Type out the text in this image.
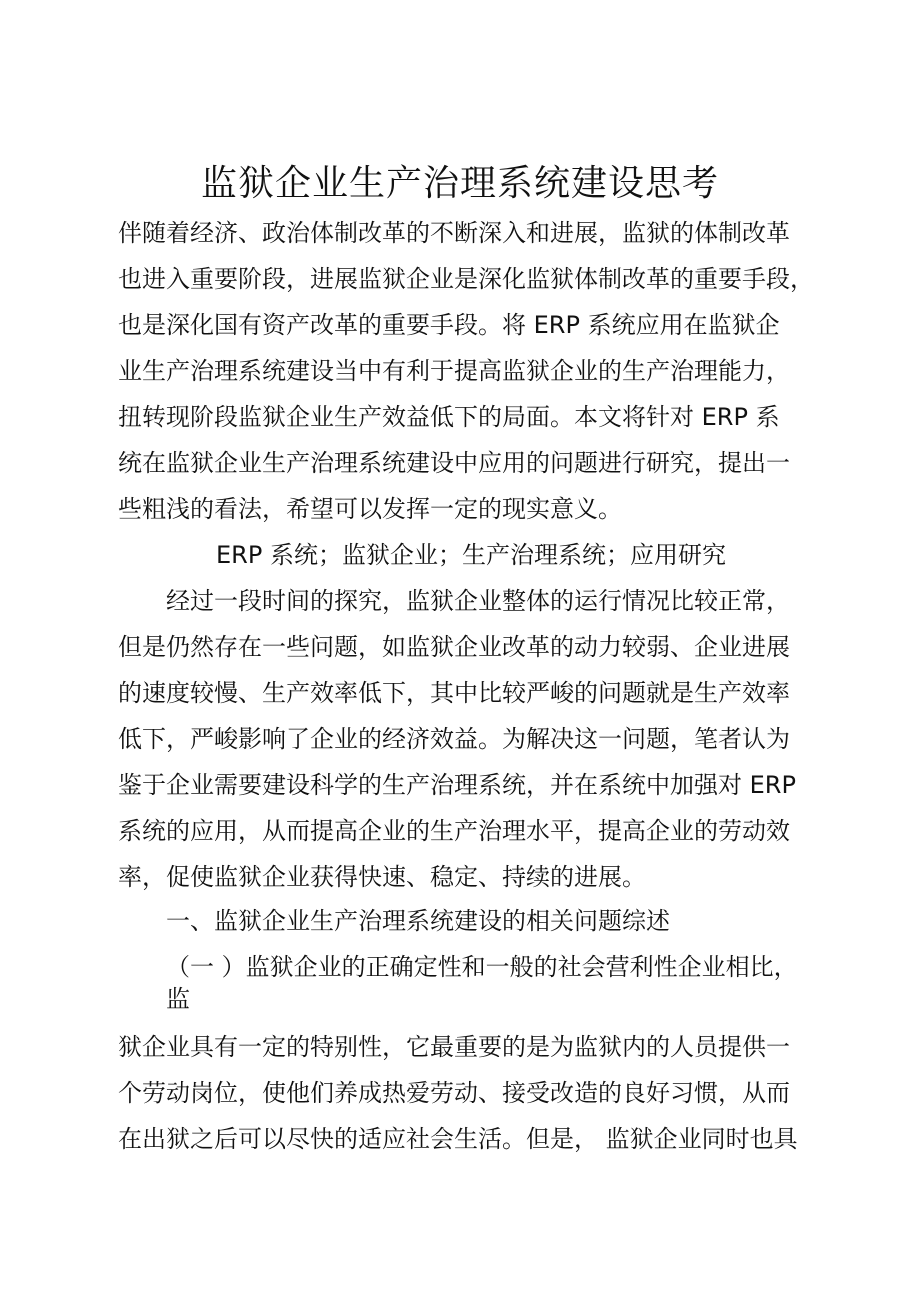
监狱企业生产治理系统建设思考
伴随着经济、政治体制改革的不断深入和进展，监狱的体制改革
也进入重要阶段，进展监狱企业是深化监狱体制改革的重要手段，
也是深化国有资产改革的重要手段。将 ERP 系统应用在监狱企
业生产治理系统建设当中有利于提高监狱企业的生产治理能力，
扭转现阶段监狱企业生产效益低下的局面。本文将针对 ERP 系
统在监狱企业生产治理系统建设中应用的问题进行研究，提出一
些粗浅的看法，希望可以发挥一定的现实意义。
ERP 系统；监狱企业；生产治理系统；应用研究
经过一段时间的探究，监狱企业整体的运行情况比较正常，
但是仍然存在一些问题，如监狱企业改革的动力较弱、企业进展
的速度较慢、生产效率低下，其中比较严峻的问题就是生产效率
低下，严峻影响了企业的经济效益。为解决这一问题，笔者认为
鉴于企业需要建设科学的生产治理系统，并在系统中加强对 ERP
系统的应用，从而提高企业的生产治理水平，提高企业的劳动效
率，促使监狱企业获得快速、稳定、持续的进展。
一、监狱企业生产治理系统建设的相关问题综述
（一 ）监狱企业的正确定性和一般的社会营利性企业相比，
监
狱企业具有一定的特别性，它最重要的是为监狱内的人员提供一
个劳动岗位，使他们养成热爱劳动、接受改造的良好习惯，从而
在出狱之后可以尽快的适应社会生活。但是， 监狱企业同时也具
